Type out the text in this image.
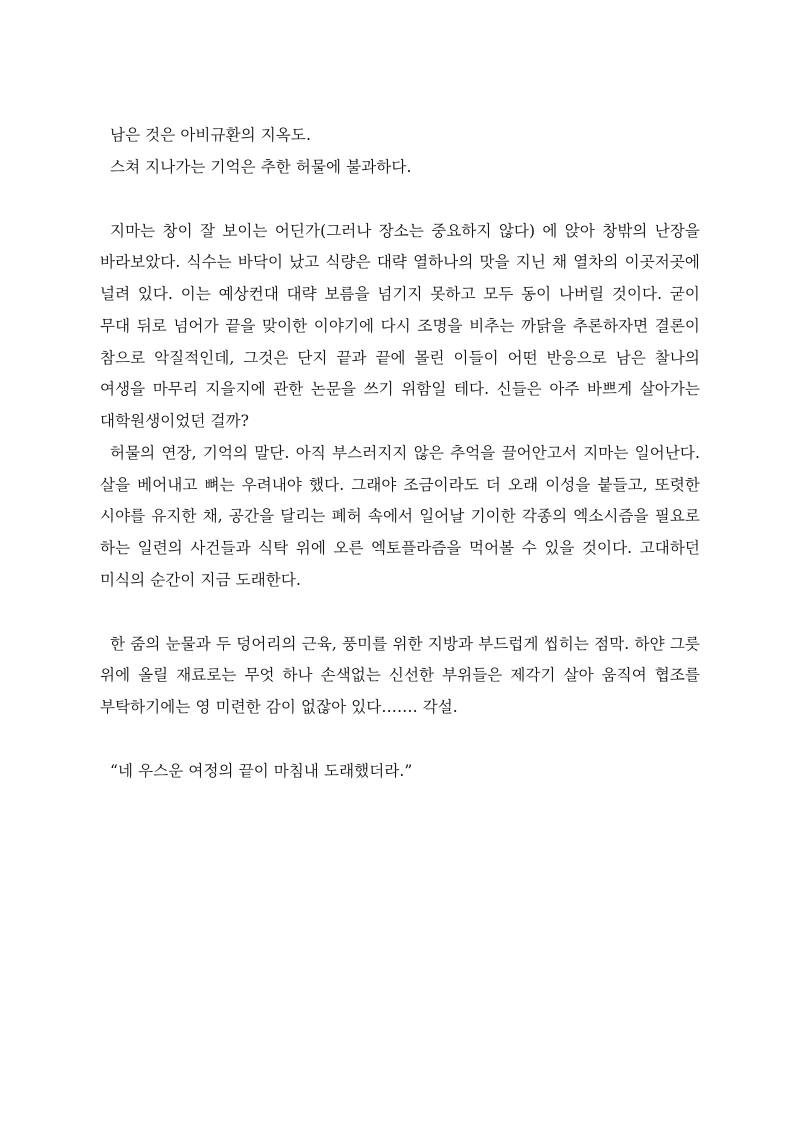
남은 것은 아비규환의 지옥도.

스쳐 지나가는 기억은 추한 허물에 불과하다.

지마는 창이 잘 보이는 어딘가(그러나 장소는 중요하지 않다) 에 앉아 창밖의 난장을 바라보았다. 식수는 바닥이 났고 식량은 대략 열하나의 맛을 지닌 채 열차의 이곳저곳에 널려 있다. 이는 예상컨대 대략 보름을 넘기지 못하고 모두 동이 나버릴 것이다. 굳이 무대 뒤로 넘어가 끝을 맞이한 이야기에 다시 조명을 비추는 까닭을 추론하자면 결론이 참으로 악질적인데, 그것은 단지 끝과 끝에 몰린 이들이 어떤 반응으로 남은 찰나의 여생을 마무리 지을지에 관한 논문을 쓰기 위함일 테다. 신들은 아주 바쁘게 살아가는 대학원생이었던 걸까?

허물의 연장, 기억의 말단. 아직 부스러지지 않은 추억을 끌어안고서 지마는 일어난다. 살을 베어내고 뼈는 우려내야 했다. 그래야 조금이라도 더 오래 이성을 붙들고, 또렷한 시야를 유지한 채, 공간을 달리는 폐허 속에서 일어날 기이한 각종의 엑소시즘을 필요로 하는 일련의 사건들과 식탁 위에 오른 엑토플라즘을 먹어볼 수 있을 것이다. 고대하던 미식의 순간이 지금 도래한다.

한 줌의 눈물과 두 덩어리의 근육, 풍미를 위한 지방과 부드럽게 씹히는 점막. 하얀 그릇 위에 올릴 재료로는 무엇 하나 손색없는 신선한 부위들은 제각기 살아 움직여 협조를 부탁하기에는 영 미련한 감이 없잖아 있다……. 각설.

“네 우스운 여정의 끝이 마침내 도래했더라.”
